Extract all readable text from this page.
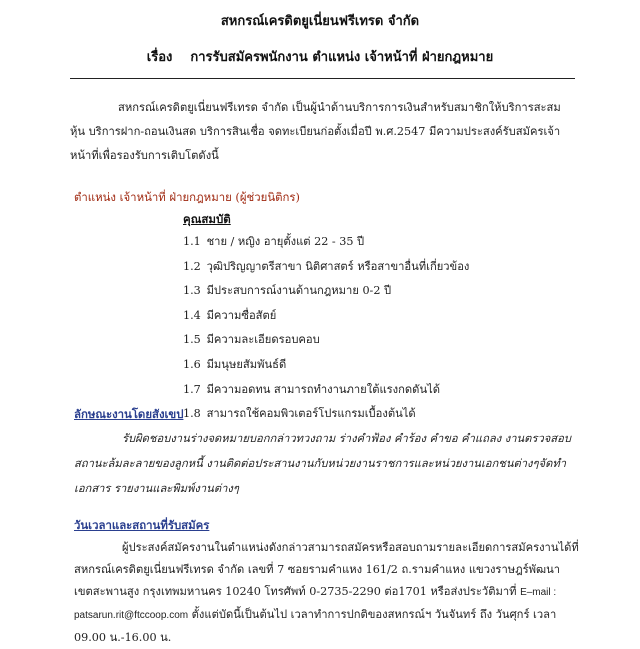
สหกรณ์เครดิตยูเนี่ยนฟรีเทรด จำกัด
เรื่อง การรับสมัครพนักงาน ตำแหน่ง เจ้าหน้าที่ ฝ่ายกฎหมาย
สหกรณ์เครดิตยูเนี่ยนฟรีเทรด จำกัด เป็นผู้นำด้านบริการการเงินสำหรับสมาชิกให้บริการสะสมหุ้น บริการฝาก-ถอนเงินสด บริการสินเชื่อ จดทะเบียนก่อตั้งเมื่อปี พ.ศ.2547 มีความประสงค์รับสมัครเจ้าหน้าที่เพื่อรองรับการเติบโตดังนี้
ตำแหน่ง เจ้าหน้าที่ ฝ่ายกฎหมาย (ผู้ช่วยนิติกร)
คุณสมบัติ
1.1 ชาย / หญิง อายุตั้งแต่ 22 - 35 ปี
1.2 วุฒิปริญญาตรีสาขา นิติศาสตร์ หรือสาขาอื่นที่เกี่ยวข้อง
1.3 มีประสบการณ์งานด้านกฎหมาย 0-2 ปี
1.4 มีความซื่อสัตย์
1.5 มีความละเอียดรอบคอบ
1.6 มีมนุษยสัมพันธ์ดี
1.7 มีความอดทน สามารถทำงานภายใต้แรงกดดันได้
1.8 สามารถใช้คอมพิวเตอร์โปรแกรมเบื้องต้นได้
ลักษณะงานโดยสังเขป
รับผิดชอบงานร่างจดหมายบอกกล่าวทวงถาม ร่างคำฟ้อง คำร้อง คำขอ คำแถลง งานตรวจสอบสถานะล้มละลายของลูกหนี้ งานติดต่อประสานงานกับหน่วยงานราชการและหน่วยงานเอกชนต่างๆจัดทำเอกสาร รายงานและพิมพ์งานต่างๆ
วันเวลาและสถานที่รับสมัคร
ผู้ประสงค์สมัครงานในตำแหน่งดังกล่าวสามารถสมัครหรือสอบถามรายละเอียดการสมัครงานได้ที่ สหกรณ์เครดิตยูเนี่ยนฟรีเทรด จำกัด เลขที่ 7 ซอยรามคำแหง 161/2 ถ.รามคำแหง แขวงราษฎร์พัฒนา เขตสะพานสูง กรุงเทพมหานคร 10240 โทรศัพท์ 0-2735-2290 ต่อ1701 หรือส่งประวัติมาที่ E–mail : patsarun.rit@ftccoop.com ตั้งแต่บัดนี้เป็นต้นไป เวลาทำการปกติของสหกรณ์ฯ วันจันทร์ ถึง วันศุกร์ เวลา 09.00 น.-16.00 น.
